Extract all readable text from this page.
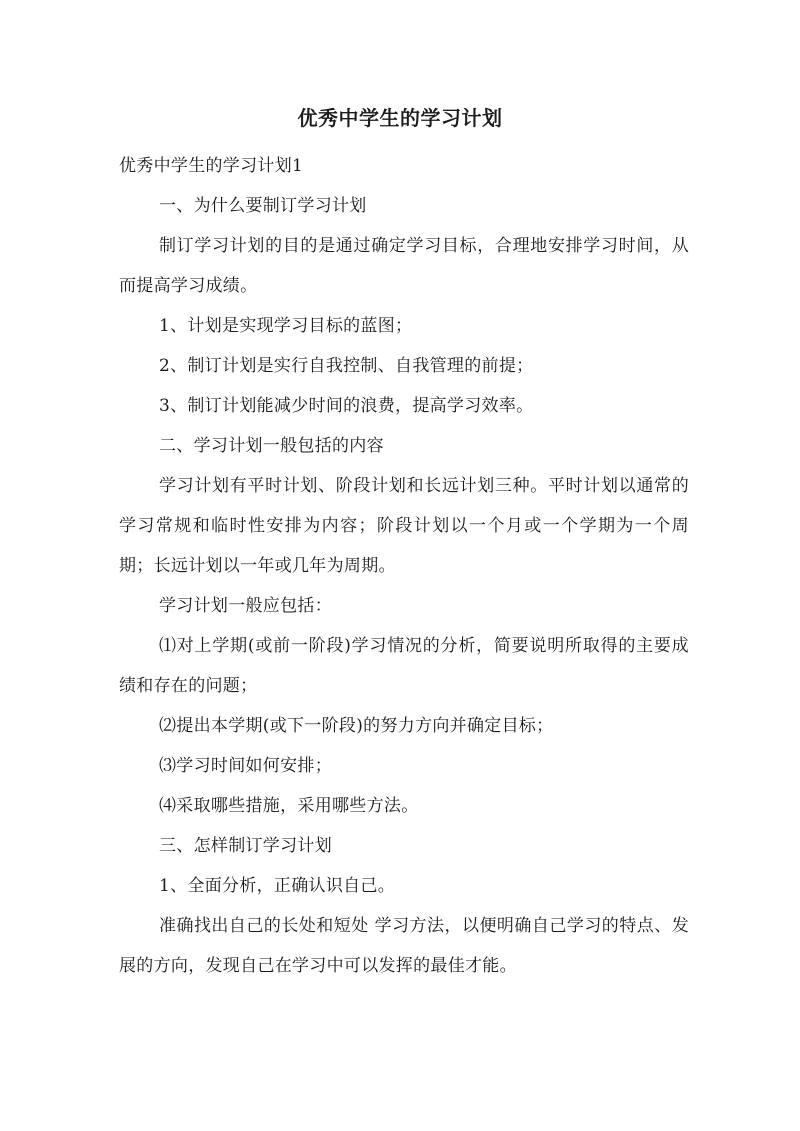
优秀中学生的学习计划

优秀中学生的学习计划1

一、为什么要制订学习计划

制订学习计划的目的是通过确定学习目标，合理地安排学习时间，从而提高学习成绩。

1、计划是实现学习目标的蓝图；

2、制订计划是实行自我控制、自我管理的前提；

3、制订计划能减少时间的浪费，提高学习效率。

二、学习计划一般包括的内容

学习计划有平时计划、阶段计划和长远计划三种。平时计划以通常的学习常规和临时性安排为内容；阶段计划以一个月或一个学期为一个周期；长远计划以一年或几年为周期。

学习计划一般应包括：

⑴对上学期(或前一阶段)学习情况的分析，简要说明所取得的主要成绩和存在的问题；

⑵提出本学期(或下一阶段)的努力方向并确定目标；

⑶学习时间如何安排；

⑷采取哪些措施，采用哪些方法。

三、怎样制订学习计划

1、全面分析，正确认识自己。

准确找出自己的长处和短处 学习方法，以便明确自己学习的特点、发展的方向，发现自己在学习中可以发挥的最佳才能。
